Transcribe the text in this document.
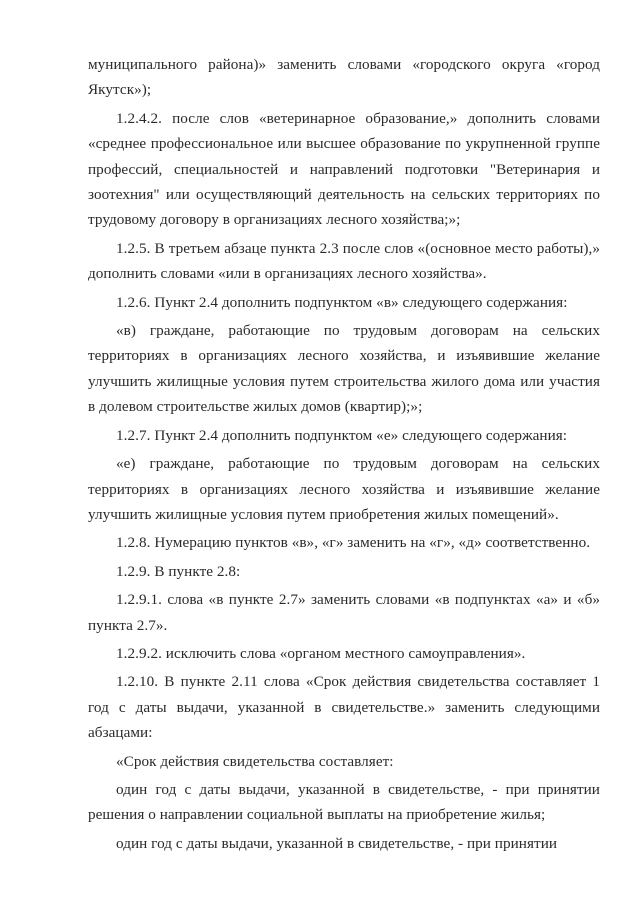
муниципального района)» заменить словами «городского округа «город Якутск»);

1.2.4.2. после слов «ветеринарное образование,» дополнить словами «среднее профессиональное или высшее образование по укрупненной группе профессий, специальностей и направлений подготовки "Ветеринария и зоотехния" или осуществляющий деятельность на сельских территориях по трудовому договору в организациях лесного хозяйства;»;

1.2.5. В третьем абзаце пункта 2.3 после слов «(основное место работы),» дополнить словами «или в организациях лесного хозяйства».

1.2.6. Пункт 2.4 дополнить подпунктом «в» следующего содержания:

«в) граждане, работающие по трудовым договорам на сельских территориях в организациях лесного хозяйства, и изъявившие желание улучшить жилищные условия путем строительства жилого дома или участия в долевом строительстве жилых домов (квартир);»;

1.2.7. Пункт 2.4 дополнить подпунктом «е» следующего содержания:

«е) граждане, работающие по трудовым договорам на сельских территориях в организациях лесного хозяйства и изъявившие желание улучшить жилищные условия путем приобретения жилых помещений».

1.2.8. Нумерацию пунктов «в», «г» заменить на «г», «д» соответственно.

1.2.9. В пункте 2.8:

1.2.9.1. слова «в пункте 2.7» заменить словами «в подпунктах «а» и «б» пункта 2.7».

1.2.9.2. исключить слова «органом местного самоуправления».

1.2.10. В пункте 2.11 слова «Срок действия свидетельства составляет 1 год с даты выдачи, указанной в свидетельстве.» заменить следующими абзацами:

«Срок действия свидетельства составляет:

один год с даты выдачи, указанной в свидетельстве, - при принятии решения о направлении социальной выплаты на приобретение жилья;

один год с даты выдачи, указанной в свидетельстве, - при принятии
